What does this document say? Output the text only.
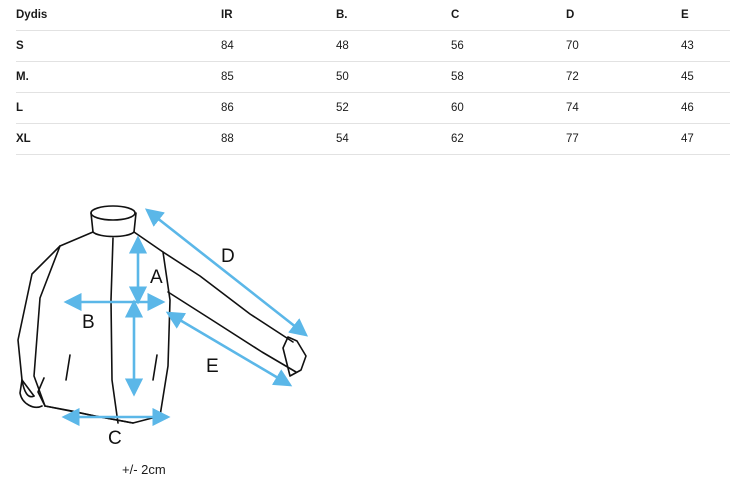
Dydis	IR	B.	C	D	E
S	84	48	56	70	43
M.	85	50	58	72	45
L	86	52	60	74	46
XL	88	54	62	77	47
A
B
C
D
E
+/- 2cm
